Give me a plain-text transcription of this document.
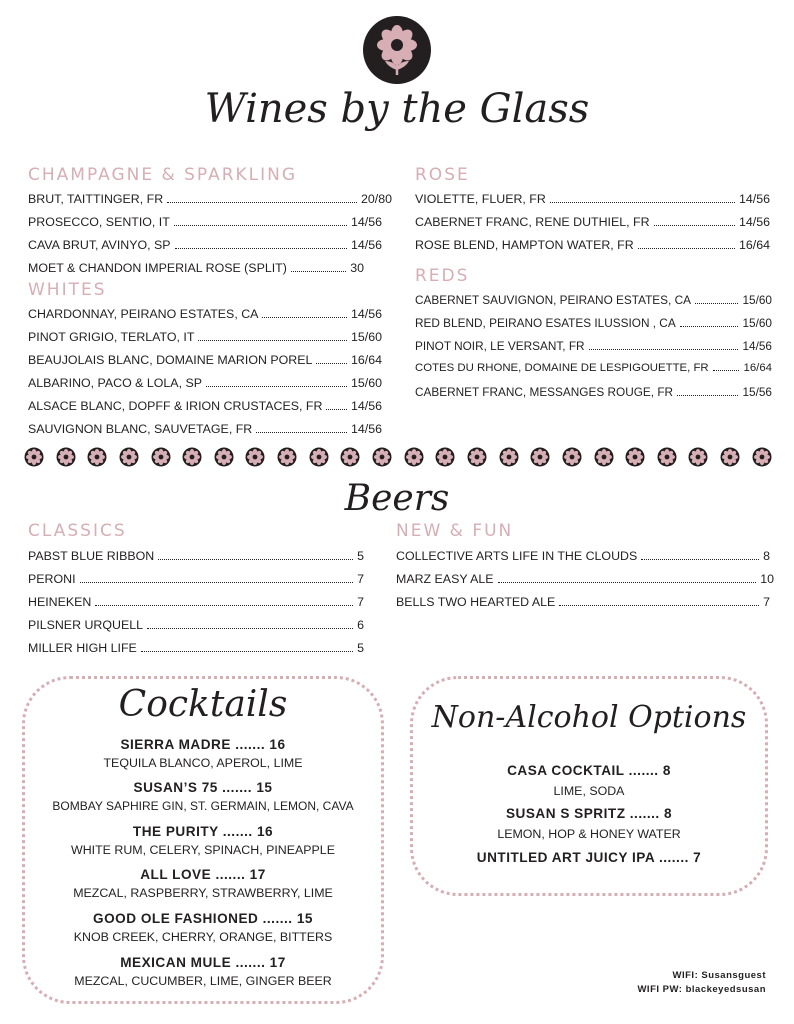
Wines by the Glass
CHAMPAGNE & SPARKLING
BRUT, TAITTINGER, FR	20/80
PROSECCO, SENTIO, IT	14/56
CAVA BRUT, AVINYO, SP	14/56
MOET & CHANDON IMPERIAL ROSE (SPLIT)	30
WHITES
CHARDONNAY, PEIRANO ESTATES, CA	14/56
PINOT GRIGIO, TERLATO, IT	15/60
BEAUJOLAIS BLANC, DOMAINE MARION POREL	16/64
ALBARINO, PACO & LOLA, SP	15/60
ALSACE BLANC, DOPFF & IRION CRUSTACES, FR 14/56
SAUVIGNON BLANC, SAUVETAGE, FR	14/56
ROSE
VIOLETTE, FLUER, FR	14/56
CABERNET FRANC, RENE DUTHIEL, FR	14/56
ROSE BLEND, HAMPTON WATER, FR	16/64
REDS
CABERNET SAUVIGNON, PEIRANO ESTATES, CA	15/60
RED BLEND, PEIRANO ESATES ILUSSION , CA	15/60
PINOT NOIR, LE VERSANT, FR	14/56
COTES DU RHONE, DOMAINE DE LESPIGOUETTE, FR	16/64
CABERNET FRANC, MESSANGES ROUGE, FR	15/56
Beers
CLASSICS
PABST BLUE RIBBON	5
PERONI	7
HEINEKEN	7
PILSNER URQUELL	6
MILLER HIGH LIFE	5
NEW & FUN
COLLECTIVE ARTS LIFE IN THE CLOUDS	8
MARZ EASY ALE	10
BELLS TWO HEARTED ALE	7
Cocktails
SIERRA MADRE ....... 16
TEQUILA BLANCO, APEROL, LIME
SUSAN’S 75 ....... 15
BOMBAY SAPHIRE GIN, ST. GERMAIN, LEMON, CAVA
THE PURITY ....... 16
WHITE RUM, CELERY, SPINACH, PINEAPPLE
ALL LOVE ....... 17
MEZCAL, RASPBERRY, STRAWBERRY, LIME
GOOD OLE FASHIONED ....... 15
KNOB CREEK, CHERRY, ORANGE, BITTERS
MEXICAN MULE ....... 17
MEZCAL, CUCUMBER, LIME, GINGER BEER
Non-Alcohol Options
CASA COCKTAIL ....... 8
LIME, SODA
SUSAN S SPRITZ ....... 8
LEMON, HOP & HONEY WATER
UNTITLED ART JUICY IPA ....... 7
WIFI: Susansguest
WIFI PW: blackeyedsusan
